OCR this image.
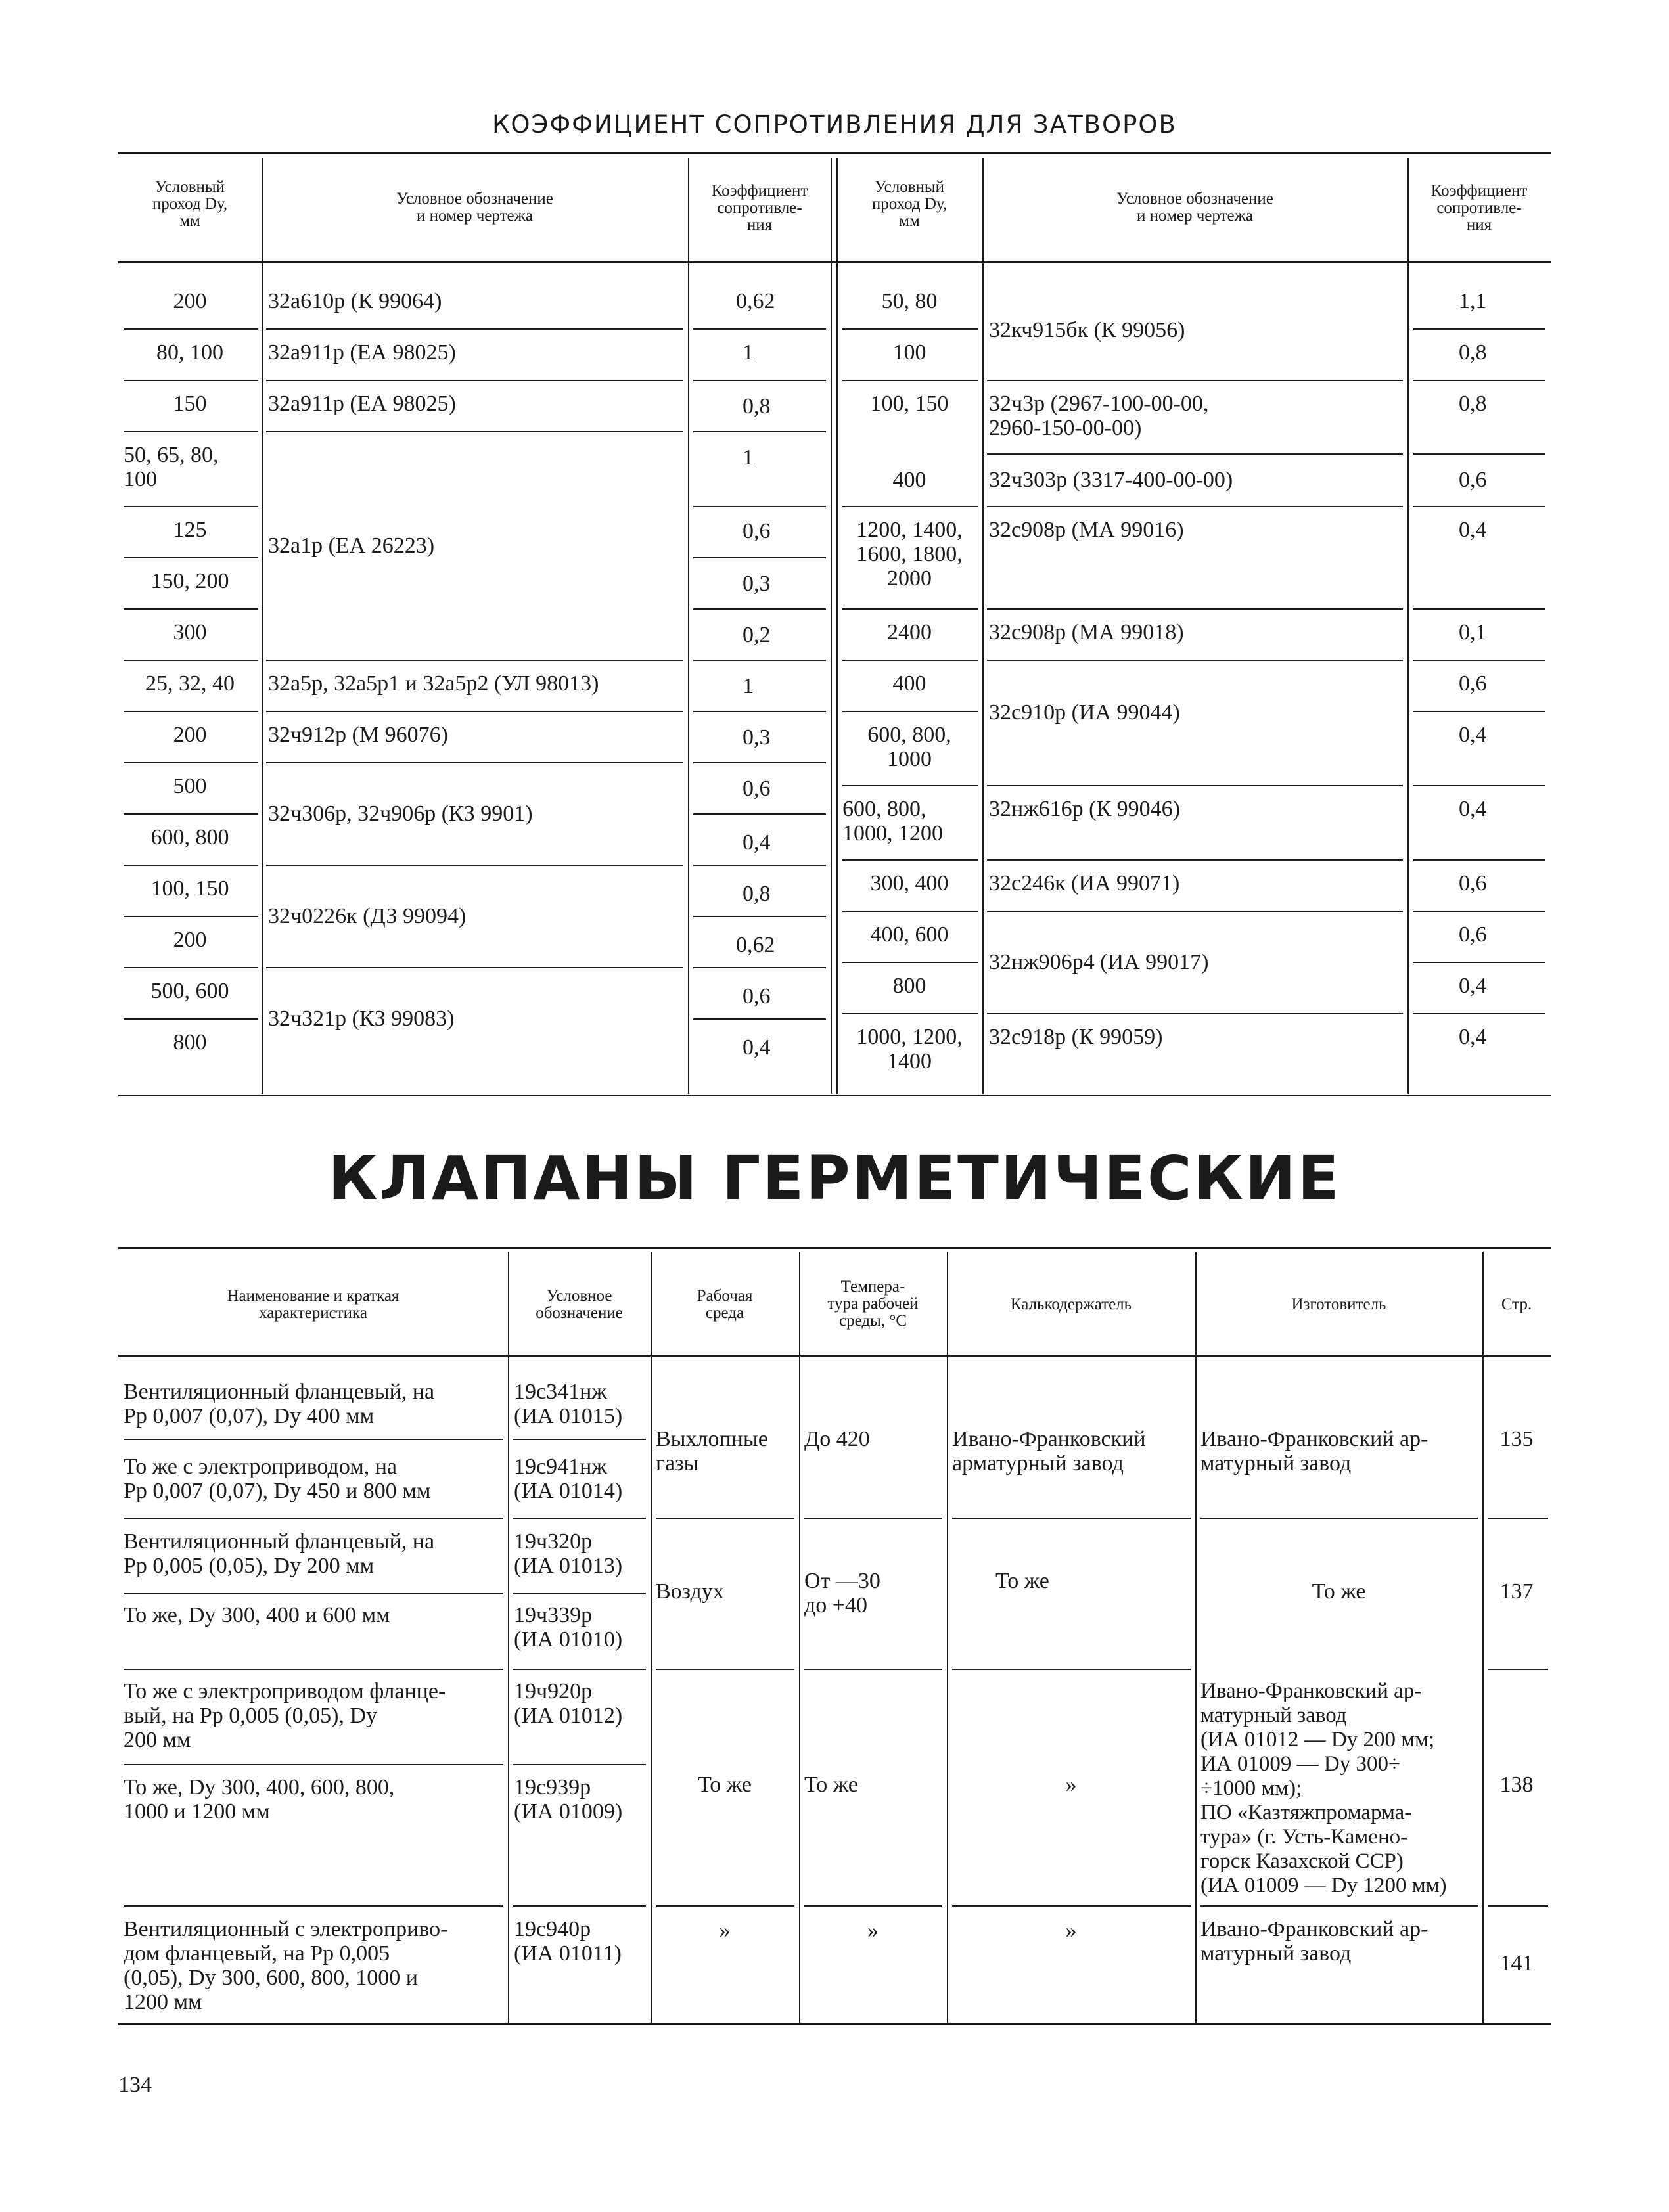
КОЭФФИЦИЕНТ СОПРОТИВЛЕНИЯ ДЛЯ ЗАТВОРОВ
КЛАПАНЫ ГЕРМЕТИЧЕСКИЕ
134
Условный
проход Dу,
мм
Условное обозначение
и номер чертежа
Коэффициент
сопротивле-
ния
Условный
проход Dу,
мм
Условное обозначение
и номер чертежа
Коэффициент
сопротивле-
ния
200
80, 100
150
50, 65, 80,
100
125
150, 200
300
25, 32, 40
200
500
600, 800
100, 150
200
500, 600
800
32а610р (К 99064)
32а911р (ЕА 98025)
32а911р (ЕА 98025)
32а1р (ЕА 26223)
32а5р, 32а5р1 и 32а5р2 (УЛ 98013)
32ч912р (М 96076)
32ч306р, 32ч906р (КЗ 9901)
32ч0226к (ДЗ 99094)
32ч321р (КЗ 99083)
0,62
1
0,8
1
0,6
0,3
0,2
1
0,3
0,6
0,4
0,8
0,62
0,6
0,4
50, 80
100
100, 150
400
1200, 1400,
1600, 1800,
2000
2400
400
600, 800,
1000
600, 800,
1000, 1200
300, 400
400, 600
800
1000, 1200,
1400
32кч915бк (К 99056)
32ч3р (2967-100-00-00,
2960-150-00-00)
32ч303р (3317-400-00-00)
32с908р (МА 99016)
32с908р (МА 99018)
32с910р (ИА 99044)
32нж616р (К 99046)
32с246к (ИА 99071)
32нж906р4 (ИА 99017)
32с918р (К 99059)
1,1
0,8
0,8
0,6
0,4
0,1
0,6
0,4
0,4
0,6
0,6
0,4
0,4
Наименование и краткая
характеристика
Условное
обозначение
Рабочая
среда
Темпера-
тура рабочей
среды, °С
Калькодержатель	Изготовитель	Стр.
Вентиляционный фланцевый, на
Pр 0,007 (0,07), Dу 400 мм
То же с электроприводом, на
Pр 0,007 (0,07), Dу 450 и 800 мм
Вентиляционный фланцевый, на
Pр 0,005 (0,05), Dу 200 мм
То же, Dу 300, 400 и 600 мм
То же с электроприводом фланце-
вый, на Pр 0,005 (0,05), Dу
200 мм
То же, Dу 300, 400, 600, 800,
1000 и 1200 мм
Вентиляционный с электроприво-
дом фланцевый, на Pр 0,005
(0,05), Dу 300, 600, 800, 1000 и
1200 мм
19с341нж
(ИА 01015)
19с941нж
(ИА 01014)
19ч320р
(ИА 01013)
19ч339р
(ИА 01010)
19ч920р
(ИА 01012)
19с939р
(ИА 01009)
19с940р
(ИА 01011)
Выхлопные
газы
Воздух
То же
»
До 420
От —30
до +40
То же
»
Ивано-Франковский
арматурный завод
То же
»
»
Ивано-Франковский ар-
матурный завод
То же
Ивано-Франковский ар-
матурный завод
(ИА 01012 — Dу 200 мм;
ИА 01009 — Dу 300÷
÷1000 мм);
ПО «Казтяжпромарма-
тура» (г. Усть-Камено-
горск Казахской ССР)
(ИА 01009 — Dу 1200 мм)
Ивано-Франковский ар-
матурный завод
135
137
138
141
